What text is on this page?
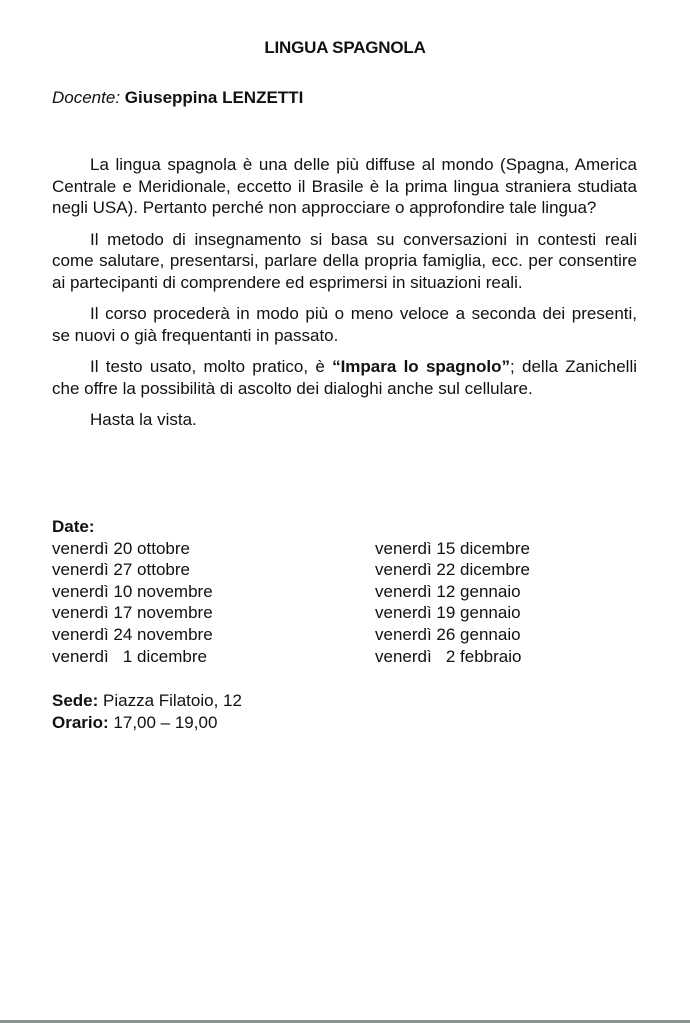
LINGUA SPAGNOLA
Docente: Giuseppina LENZETTI

La lingua spagnola è una delle più diffuse al mondo (Spagna, America Centrale e Meridionale, eccetto il Brasile è la prima lingua straniera studiata negli USA). Pertanto perché non approcciare o approfondire tale lingua?

Il metodo di insegnamento si basa su conversazioni in contesti reali come salutare, presentarsi, parlare della propria famiglia, ecc. per consentire ai partecipanti di comprendere ed esprimersi in situazioni reali.

Il corso procederà in modo più o meno veloce a seconda dei presenti, se nuovi o già frequentanti in passato.

Il testo usato, molto pratico, è “Impara lo spagnolo”; della Zanichelli che offre la possibilità di ascolto dei dialoghi anche sul cellulare.

Hasta la vista.

Date:
venerdì 20 ottobre
venerdì 27 ottobre
venerdì 10 novembre
venerdì 17 novembre
venerdì 24 novembre
venerdì   1 dicembre
venerdì 15 dicembre
venerdì 22 dicembre
venerdì 12 gennaio
venerdì 19 gennaio
venerdì 26 gennaio
venerdì   2 febbraio
Sede: Piazza Filatoio, 12
Orario: 17,00 – 19,00
